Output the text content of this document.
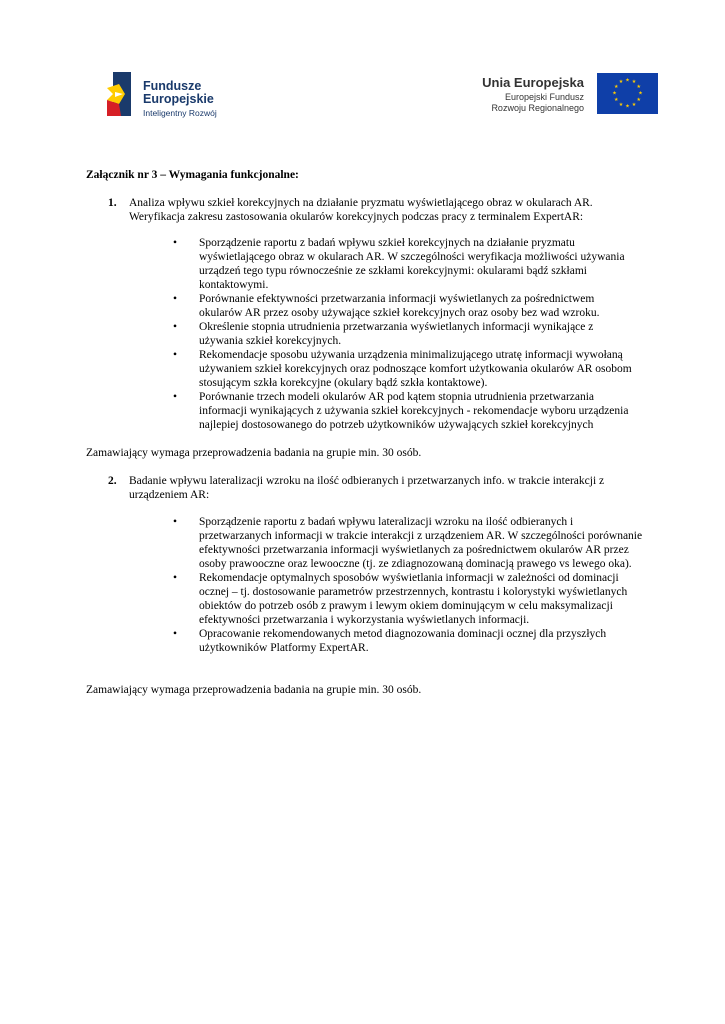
Fundusze
Europejskie
Inteligentny Rozwój
Unia Europejska
Europejski Fundusz
Rozwoju Regionalnego
★ ★
★
★
★
★
★
★
★
★
★
★
Załącznik nr 3 – Wymagania funkcjonalne:
1. Analiza wpływu szkieł korekcyjnych na działanie pryzmatu wyświetlającego obraz w okularach AR. Weryfikacja zakresu zastosowania okularów korekcyjnych podczas pracy z terminalem ExpertAR:
• Sporządzenie raportu z badań wpływu szkieł korekcyjnych na działanie pryzmatu wyświetlającego obraz w okularach AR. W szczególności weryfikacja możliwości używania urządzeń tego typu równocześnie ze szkłami korekcyjnymi: okularami bądź szkłami kontaktowymi.
• Porównanie efektywności przetwarzania informacji wyświetlanych za pośrednictwem okularów AR przez osoby używające szkieł korekcyjnych oraz osoby bez wad wzroku.
• Określenie stopnia utrudnienia przetwarzania wyświetlanych informacji wynikające z używania szkieł korekcyjnych.
• Rekomendacje sposobu używania urządzenia minimalizującego utratę informacji wywołaną używaniem szkieł korekcyjnych oraz podnoszące komfort użytkowania okularów AR osobom stosującym szkła korekcyjne (okulary bądź szkła kontaktowe).
• Porównanie trzech modeli okularów AR pod kątem stopnia utrudnienia przetwarzania informacji wynikających z używania szkieł korekcyjnych - rekomendacje wyboru urządzenia najlepiej dostosowanego do potrzeb użytkowników używających szkieł korekcyjnych
Zamawiający wymaga przeprowadzenia badania na grupie min. 30 osób.
2. Badanie wpływu lateralizacji wzroku na ilość odbieranych i przetwarzanych info. w trakcie interakcji z urządzeniem AR:
• Sporządzenie raportu z badań wpływu lateralizacji wzroku na ilość odbieranych i przetwarzanych informacji w trakcie interakcji z urządzeniem AR. W szczególności porównanie efektywności przetwarzania informacji wyświetlanych za pośrednictwem okularów AR przez osoby prawooczne oraz lewooczne (tj. ze zdiagnozowaną dominacją prawego vs lewego oka).
• Rekomendacje optymalnych sposobów wyświetlania informacji w zależności od dominacji ocznej – tj. dostosowanie parametrów przestrzennych, kontrastu i kolorystyki wyświetlanych obiektów do potrzeb osób z prawym i lewym okiem dominującym w celu maksymalizacji efektywności przetwarzania i wykorzystania wyświetlanych informacji.
• Opracowanie rekomendowanych metod diagnozowania dominacji ocznej dla przyszłych użytkowników Platformy ExpertAR.
Zamawiający wymaga przeprowadzenia badania na grupie min. 30 osób.
